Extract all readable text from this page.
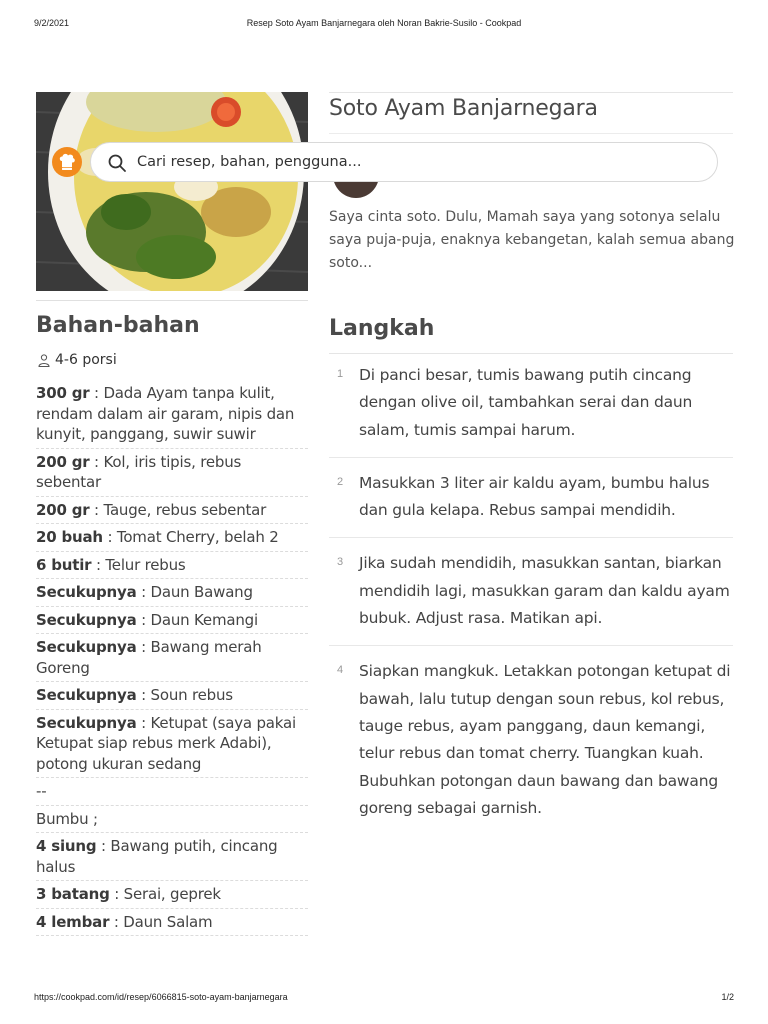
9/2/2021	Resep Soto Ayam Banjarnegara oleh Noran Bakrie-Susilo - Cookpad
Soto Ayam Banjarnegara
Cari resep, bahan, pengguna...
Saya cinta soto. Dulu, Mamah saya yang sotonya selalu saya puja-puja, enaknya kebangetan, kalah semua abang soto...
Bahan-bahan
4-6 porsi
300 gr : Dada Ayam tanpa kulit, rendam dalam air garam, nipis dan kunyit, panggang, suwir suwir
200 gr : Kol, iris tipis, rebus sebentar
200 gr : Tauge, rebus sebentar
20 buah : Tomat Cherry, belah 2
6 butir : Telur rebus
Secukupnya : Daun Bawang
Secukupnya : Daun Kemangi
Secukupnya : Bawang merah Goreng
Secukupnya : Soun rebus
Secukupnya : Ketupat (saya pakai Ketupat siap rebus merk Adabi), potong ukuran sedang
--
Bumbu ;
4 siung : Bawang putih, cincang halus
3 batang : Serai, geprek
4 lembar : Daun Salam
Langkah
1 Di panci besar, tumis bawang putih cincang dengan olive oil, tambahkan serai dan daun salam, tumis sampai harum.
2 Masukkan 3 liter air kaldu ayam, bumbu halus dan gula kelapa. Rebus sampai mendidih.
3 Jika sudah mendidih, masukkan santan, biarkan mendidih lagi, masukkan garam dan kaldu ayam bubuk. Adjust rasa. Matikan api.
4 Siapkan mangkuk. Letakkan potongan ketupat di bawah, lalu tutup dengan soun rebus, kol rebus, tauge rebus, ayam panggang, daun kemangi, telur rebus dan tomat cherry. Tuangkan kuah. Bubuhkan potongan daun bawang dan bawang goreng sebagai garnish.
https://cookpad.com/id/resep/6066815-soto-ayam-banjarnegara	1/2
